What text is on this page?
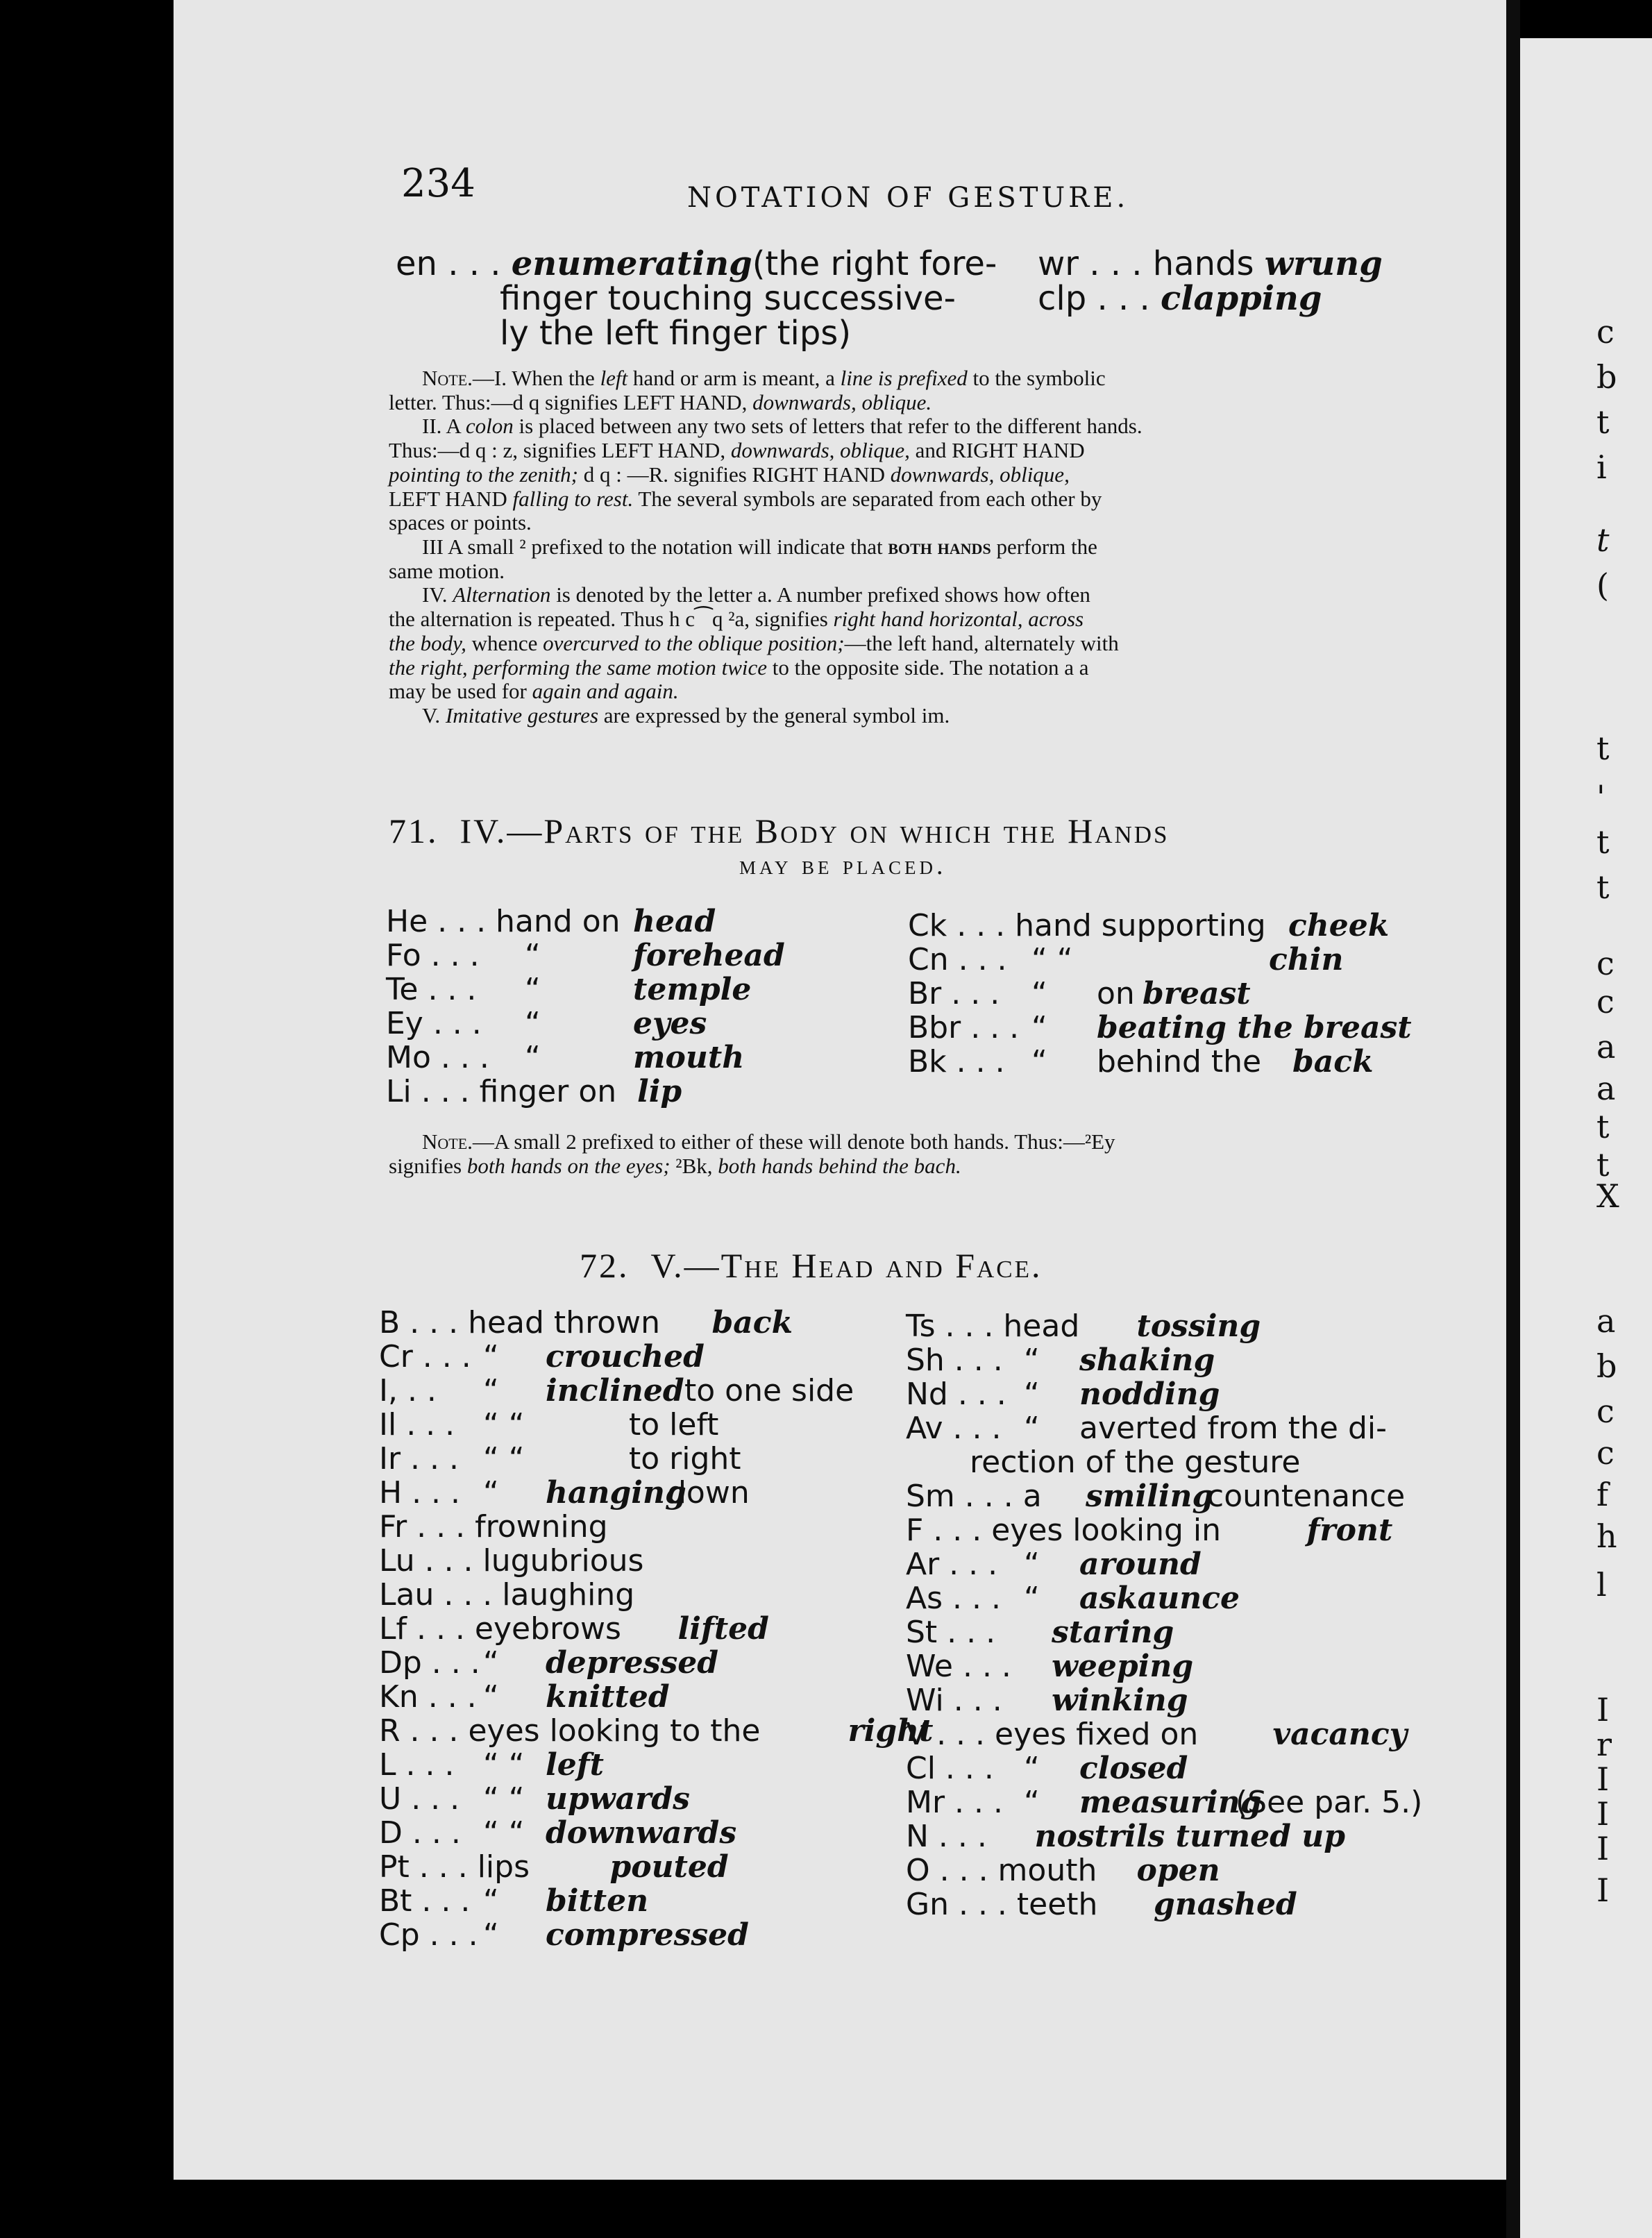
234	NOTATION OF GESTURE.
en . . . enumerating(the right fore-
finger touching successive-
ly the left finger tips)
wr . . . hands wrung
clp . . . clapping
Note.—I. When the left hand or arm is meant, a line is prefixed to the symbolic
letter. Thus:—d q signifies LEFT HAND, downwards, oblique.
II. A colon is placed between any two sets of letters that refer to the different hands.
Thus:—d q : z, signifies LEFT HAND, downwards, oblique, and RIGHT HAND
pointing to the zenith; d q : —R. signifies RIGHT HAND downwards, oblique,
LEFT HAND falling to rest. The several symbols are separated from each other by
spaces or points.
III A small ² prefixed to the notation will indicate that both hands perform the
same motion.
IV. Alternation is denoted by the letter a. A number prefixed shows how often
the alternation is repeated. Thus h c⁀q ²a, signifies right hand horizontal, across
the body, whence overcurved to the oblique position;—the left hand, alternately with
the right, performing the same motion twice to the opposite side. The notation a a
may be used for again and again.
V. Imitative gestures are expressed by the general symbol im.
71. IV.—Parts of the Body on which the Hands
may be placed.
He . . . hand on head
Fo . . . “	forehead
Te . . . “	temple
Ey . . . “	eyes
Mo . . . “	mouth
Li . . . finger on lip
Ck . . . hand supporting cheek
Cn . . . “ “	chin
Br . . . “ on breast
Bbr . . . “ beating the breast
Bk . . . “ behind the back
Note.—A small 2 prefixed to either of these will denote both hands. Thus:—²Ey
signifies both hands on the eyes; ²Bk, both hands behind the bach.
72. V.—The Head and Face.
B . . . head thrown back
Cr . . . “ crouched
I, . . “ inclined to one side
Il . . . “ “	to left
Ir . . . “ “	to right
H . . . “ hanging
down
Fr . . . frowning
Lu . . . lugubrious
Lau . . . laughing
Lf . . . eyebrows lifted
Dp . . . “ depressed
Kn . . . “ knitted
R . . . eyes looking to the	right
L . . . “ “ left
U . . . “ “ upwards
D . . . “ “ downwards
Pt . . . lips	pouted
Bt . . . “ bitten
Cp . . . “ compressed
Ts . . . head tossing
Sh . . . “ shaking
Nd . . . “ nodding
Av . . . “ averted from the di-
rection of the gesture
Sm . . . a smiling
countenance
F . . . eyes looking in	front
Ar . . . “ around
As . . . “ askaunce
St . . . staring
We . . . weeping
Wi . . . winking
V . . . eyes fixed on vacancy
Cl . . . “ closed
Mr . . . “ measuring
(See par. 5.)
N . . . nostrils turned up
O . . . mouth open
Gn . . . teeth gnashed
c
b
t
i
t
(
t
'
t
t
c
c
a
a
t
t
X
a
b
c
c
f
h
l
I
r
I
I
I
I
